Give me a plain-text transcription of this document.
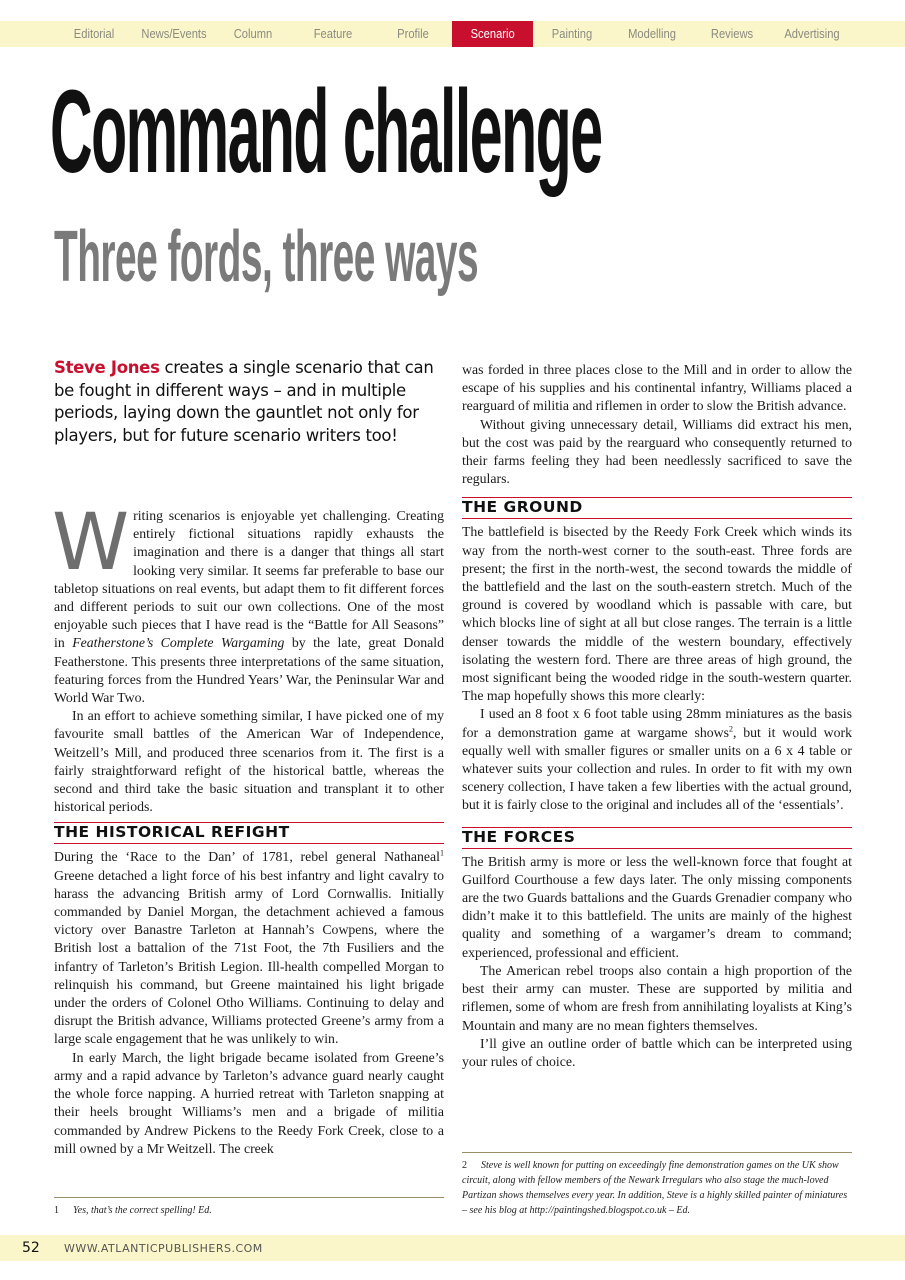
Editorial	News/Events	Column	Feature	Profile	Scenario	Painting	Modelling	Reviews	Advertising
Command challenge
Three fords, three ways
Steve Jones creates a single scenario that can be fought in different ways – and in multiple periods, laying down the gauntlet not only for players, but for future scenario writers too!

Writing scenarios is enjoyable yet challenging. Creating entirely fictional situations rapidly exhausts the imagination and there is a danger that things all start looking very similar. It seems far preferable to base our tabletop situations on real events, but adapt them to fit different forces and different periods to suit our own collections. One of the most enjoyable such pieces that I have read is the “Battle for All Seasons” in Featherstone’s Complete Wargaming by the late, great Donald Featherstone. This presents three interpretations of the same situation, featuring forces from the Hundred Years’ War, the Peninsular War and World War Two.

In an effort to achieve something similar, I have picked one of my favourite small battles of the American War of Independence, Weitzell’s Mill, and produced three scenarios from it. The first is a fairly straightforward refight of the historical battle, whereas the second and third take the basic situation and transplant it to other historical periods.

THE HISTORICAL REFIGHT

During the ‘Race to the Dan’ of 1781, rebel general Nathaneal$^1$ Greene detached a light force of his best infantry and light cavalry to harass the advancing British army of Lord Cornwallis. Initially commanded by Daniel Morgan, the detachment achieved a famous victory over Banastre Tarleton at Hannah’s Cowpens, where the British lost a battalion of the 71st Foot, the 7th Fusiliers and the infantry of Tarleton’s British Legion. Ill-health compelled Morgan to relinquish his command, but Greene maintained his light brigade under the orders of Colonel Otho Williams. Continuing to delay and disrupt the British advance, Williams protected Greene’s army from a large scale engagement that he was unlikely to win.

In early March, the light brigade became isolated from Greene’s army and a rapid advance by Tarleton’s advance guard nearly caught the whole force napping. A hurried retreat with Tarleton snapping at their heels brought Williams’s men and a brigade of militia commanded by Andrew Pickens to the Reedy Fork Creek, close to a mill owned by a Mr Weitzell. The creek

was forded in three places close to the Mill and in order to allow the escape of his supplies and his continental infantry, Williams placed a rearguard of militia and riflemen in order to slow the British advance.

Without giving unnecessary detail, Williams did extract his men, but the cost was paid by the rearguard who consequently returned to their farms feeling they had been needlessly sacrificed to save the regulars.

THE GROUND

The battlefield is bisected by the Reedy Fork Creek which winds its way from the north-west corner to the south-east. Three fords are present; the first in the north-west, the second towards the middle of the battlefield and the last on the south-eastern stretch. Much of the ground is covered by woodland which is passable with care, but which blocks line of sight at all but close ranges. The terrain is a little denser towards the middle of the western boundary, effectively isolating the western ford. There are three areas of high ground, the most significant being the wooded ridge in the south-western quarter. The map hopefully shows this more clearly:

I used an 8 foot x 6 foot table using 28mm miniatures as the basis for a demonstration game at wargame shows$^2$, but it would work equally well with smaller figures or smaller units on a 6 x 4 table or whatever suits your collection and rules. In order to fit with my own scenery collection, I have taken a few liberties with the actual ground, but it is fairly close to the original and includes all of the ‘essentials’.

THE FORCES

The British army is more or less the well-known force that fought at Guilford Courthouse a few days later. The only missing components are the two Guards battalions and the Guards Grenadier company who didn’t make it to this battlefield. The units are mainly of the highest quality and something of a wargamer’s dream to command; experienced, professional and efficient.

The American rebel troops also contain a high proportion of the best their army can muster. These are supported by militia and riflemen, some of whom are fresh from annihilating loyalists at King’s Mountain and many are no mean fighters themselves.

I’ll give an outline order of battle which can be interpreted using your rules of choice.

1 Yes, that’s the correct spelling! Ed.
2 Steve is well known for putting on exceedingly fine demonstration games on the UK show circuit, along with fellow members of the Newark Irregulars who also stage the much-loved Partizan shows themselves every year. In addition, Steve is a highly skilled painter of miniatures – see his blog at http://paintingshed.blogspot.co.uk – Ed.
52 WWW.ATLANTICPUBLISHERS.COM
